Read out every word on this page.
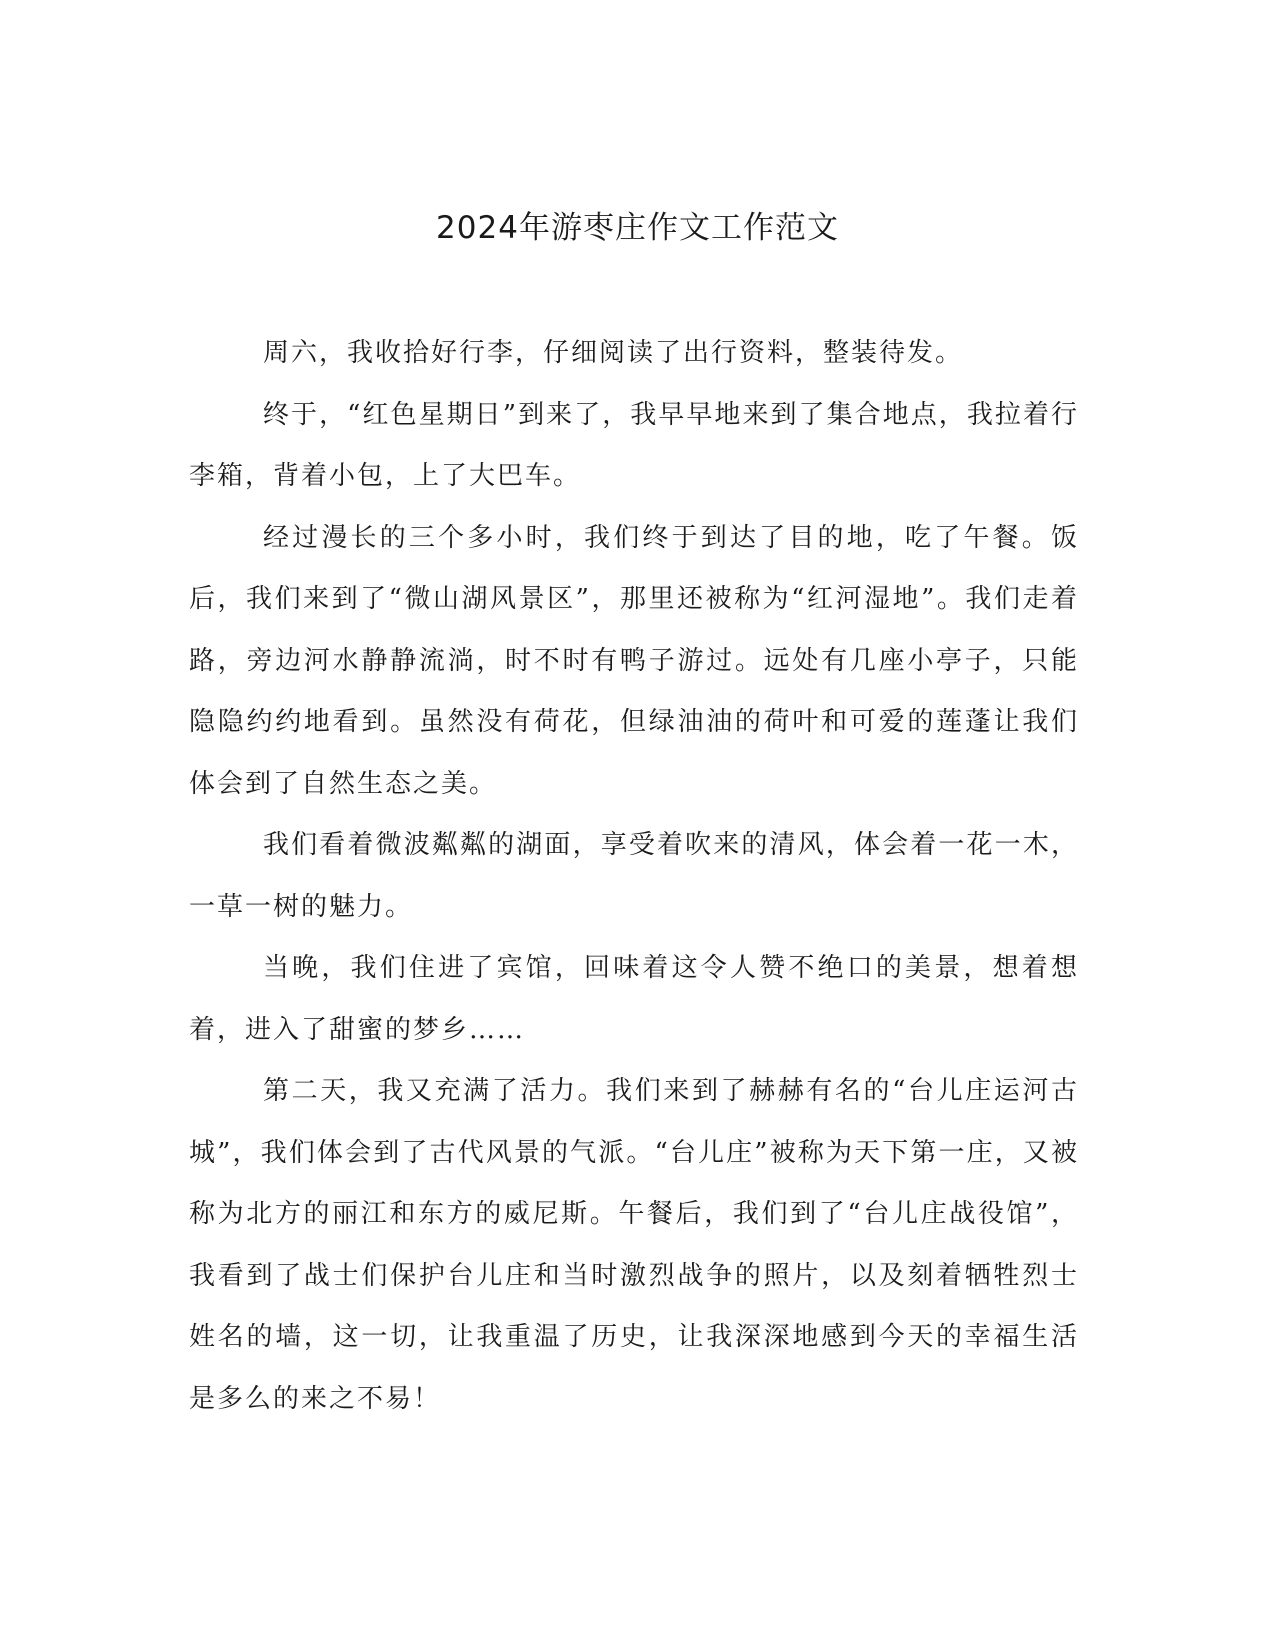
2024年游枣庄作文工作范文

周六，我收拾好行李，仔细阅读了出行资料，整装待发。

终于，“红色星期日”到来了，我早早地来到了集合地点，我拉着行李箱，背着小包，上了大巴车。

经过漫长的三个多小时，我们终于到达了目的地，吃了午餐。饭后，我们来到了“微山湖风景区”，那里还被称为“红河湿地”。我们走着路，旁边河水静静流淌，时不时有鸭子游过。远处有几座小亭子，只能隐隐约约地看到。虽然没有荷花，但绿油油的荷叶和可爱的莲蓬让我们体会到了自然生态之美。

我们看着微波粼粼的湖面，享受着吹来的清风，体会着一花一木，一草一树的魅力。

当晚，我们住进了宾馆，回味着这令人赞不绝口的美景，想着想着，进入了甜蜜的梦乡……

第二天，我又充满了活力。我们来到了赫赫有名的“台儿庄运河古城”，我们体会到了古代风景的气派。“台儿庄”被称为天下第一庄，又被称为北方的丽江和东方的威尼斯。午餐后，我们到了“台儿庄战役馆”，我看到了战士们保护台儿庄和当时激烈战争的照片，以及刻着牺牲烈士姓名的墙，这一切，让我重温了历史，让我深深地感到今天的幸福生活是多么的来之不易！
